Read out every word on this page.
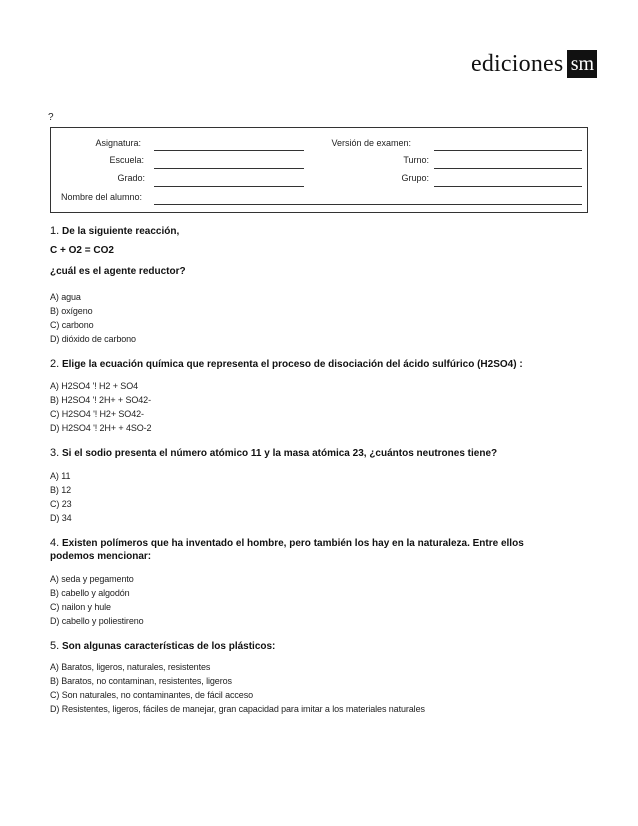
ediciones sm
?
Asignatura:	Versión de examen:
Escuela:	Turno:
Grado:	Grupo:
Nombre del alumno:
1. De la siguiente reacción,
C + O2 = CO2
¿cuál es el agente reductor?
A) agua
B) oxígeno
C) carbono
D) dióxido de carbono
2. Elige la ecuación química que representa el proceso de disociación del ácido sulfúrico (H2SO4) :
A) H2SO4 '! H2 + SO4
B) H2SO4 '! 2H+ + SO42-
C) H2SO4 '! H2+ SO42-
D) H2SO4 '! 2H+ + 4SO-2
3. Si el sodio presenta el número atómico 11 y la masa atómica 23, ¿cuántos neutrones tiene?
A) 11
B) 12
C) 23
D) 34
4. Existen polímeros que ha inventado el hombre, pero también los hay en la naturaleza. Entre ellos podemos mencionar:
A) seda y pegamento
B) cabello y algodón
C) nailon y hule
D) cabello y poliestireno
5. Son algunas características de los plásticos:
A) Baratos, ligeros, naturales, resistentes
B) Baratos, no contaminan, resistentes, ligeros
C) Son naturales, no contaminantes, de fácil acceso
D) Resistentes, ligeros, fáciles de manejar, gran capacidad para imitar a los materiales naturales
